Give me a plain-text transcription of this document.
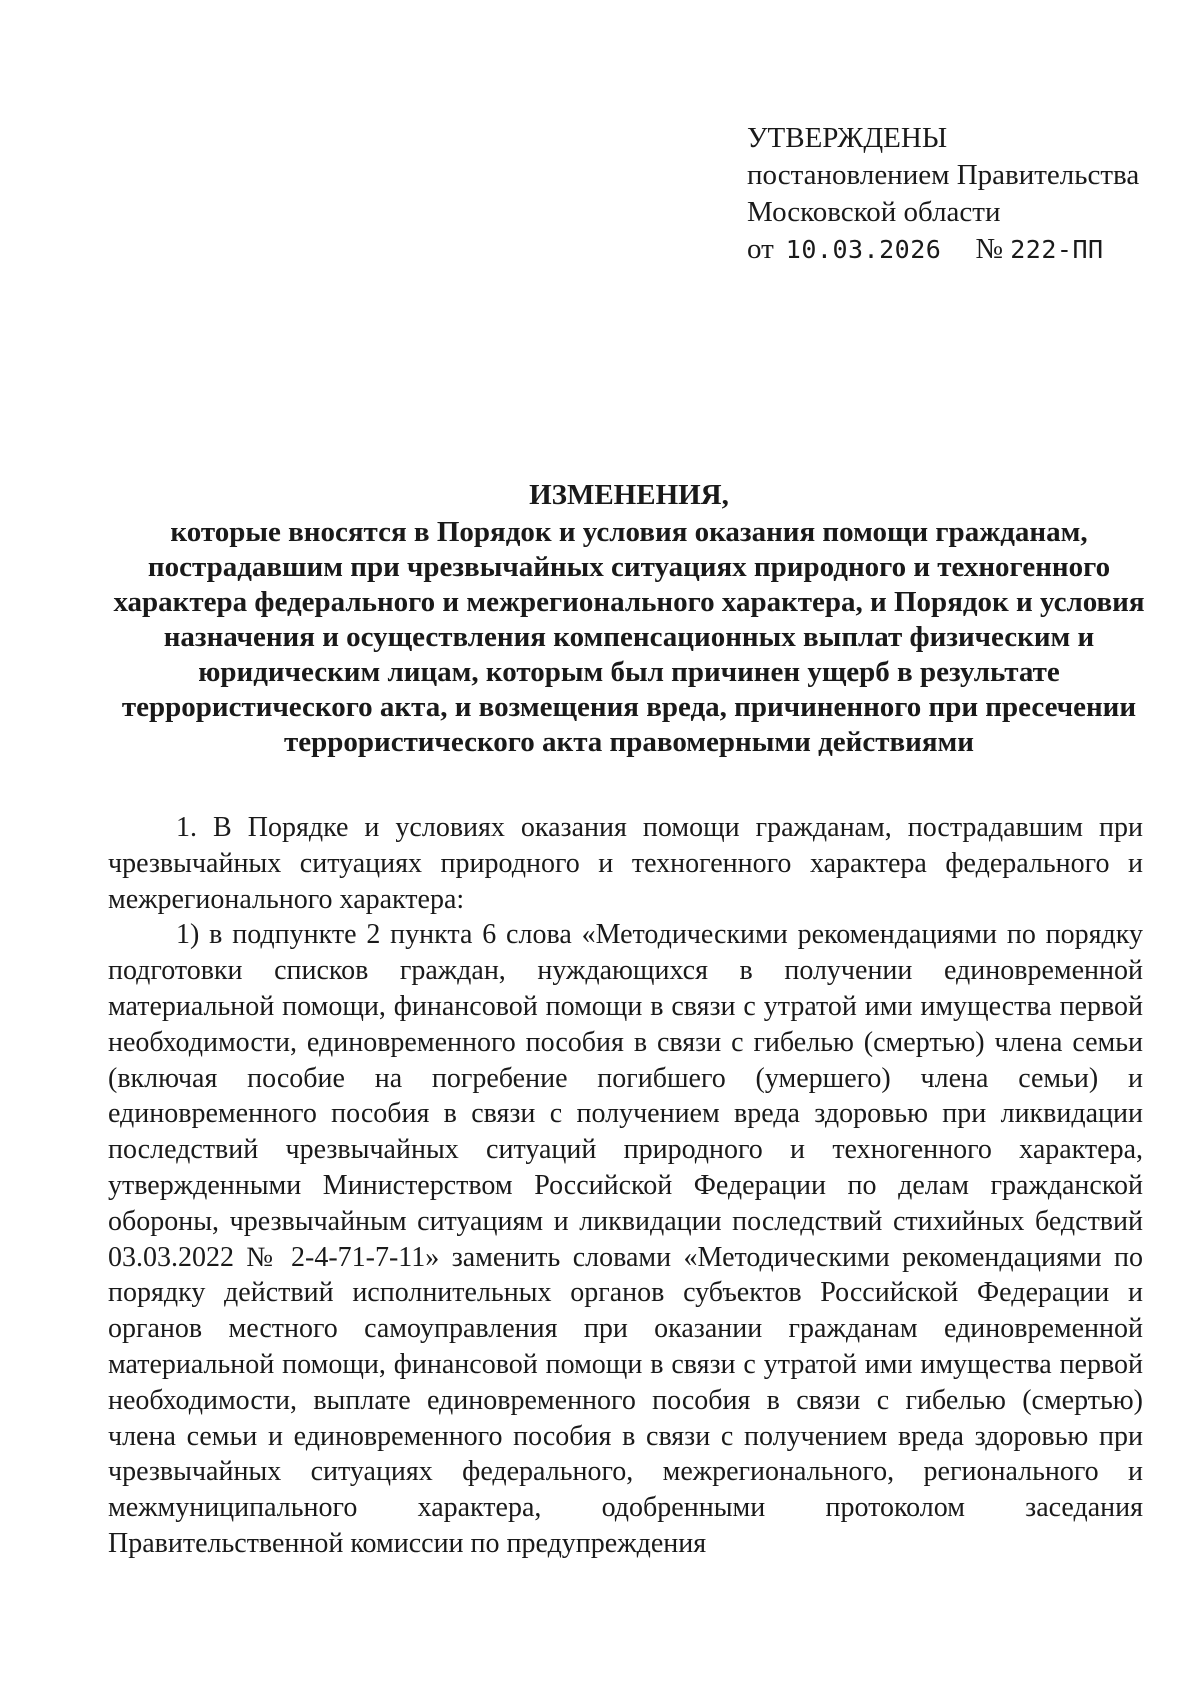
УТВЕРЖДЕНЫ
постановлением Правительства
Московской области
от 10.03.2026 № 222-ПП
ИЗМЕНЕНИЯ,
которые вносятся в Порядок и условия оказания помощи гражданам,
пострадавшим при чрезвычайных ситуациях природного и техногенного
характера федерального и межрегионального характера, и Порядок и условия
назначения и осуществления компенсационных выплат физическим и
юридическим лицам, которым был причинен ущерб в результате
террористического акта, и возмещения вреда, причиненного при пресечении
террористического акта правомерными действиями

1. В Порядке и условиях оказания помощи гражданам, пострадавшим при чрезвычайных ситуациях природного и техногенного характера федерального и межрегионального характера:

1) в подпункте 2 пункта 6 слова «Методическими рекомендациями по порядку подготовки списков граждан, нуждающихся в получении единовременной материальной помощи, финансовой помощи в связи с утратой ими имущества первой необходимости, единовременного пособия в связи с гибелью (смертью) члена семьи (включая пособие на погребение погибшего (умершего) члена семьи) и единовременного пособия в связи с получением вреда здоровью при ликвидации последствий чрезвычайных ситуаций природного и техногенного характера, утвержденными Министерством Российской Федерации по делам гражданской обороны, чрезвычайным ситуациям и ликвидации последствий стихийных бедствий 03.03.2022 № 2-4-71-7-11» заменить словами «Методическими рекомендациями по порядку действий исполнительных органов субъектов Российской Федерации и органов местного самоуправления при оказании гражданам единовременной материальной помощи, финансовой помощи в связи с утратой ими имущества первой необходимости, выплате единовременного пособия в связи с гибелью (смертью) члена семьи и единовременного пособия в связи с получением вреда здоровью при чрезвычайных ситуациях федерального, межрегионального, регионального и межмуниципального характера, одобренными протоколом заседания Правительственной комиссии по предупреждения
